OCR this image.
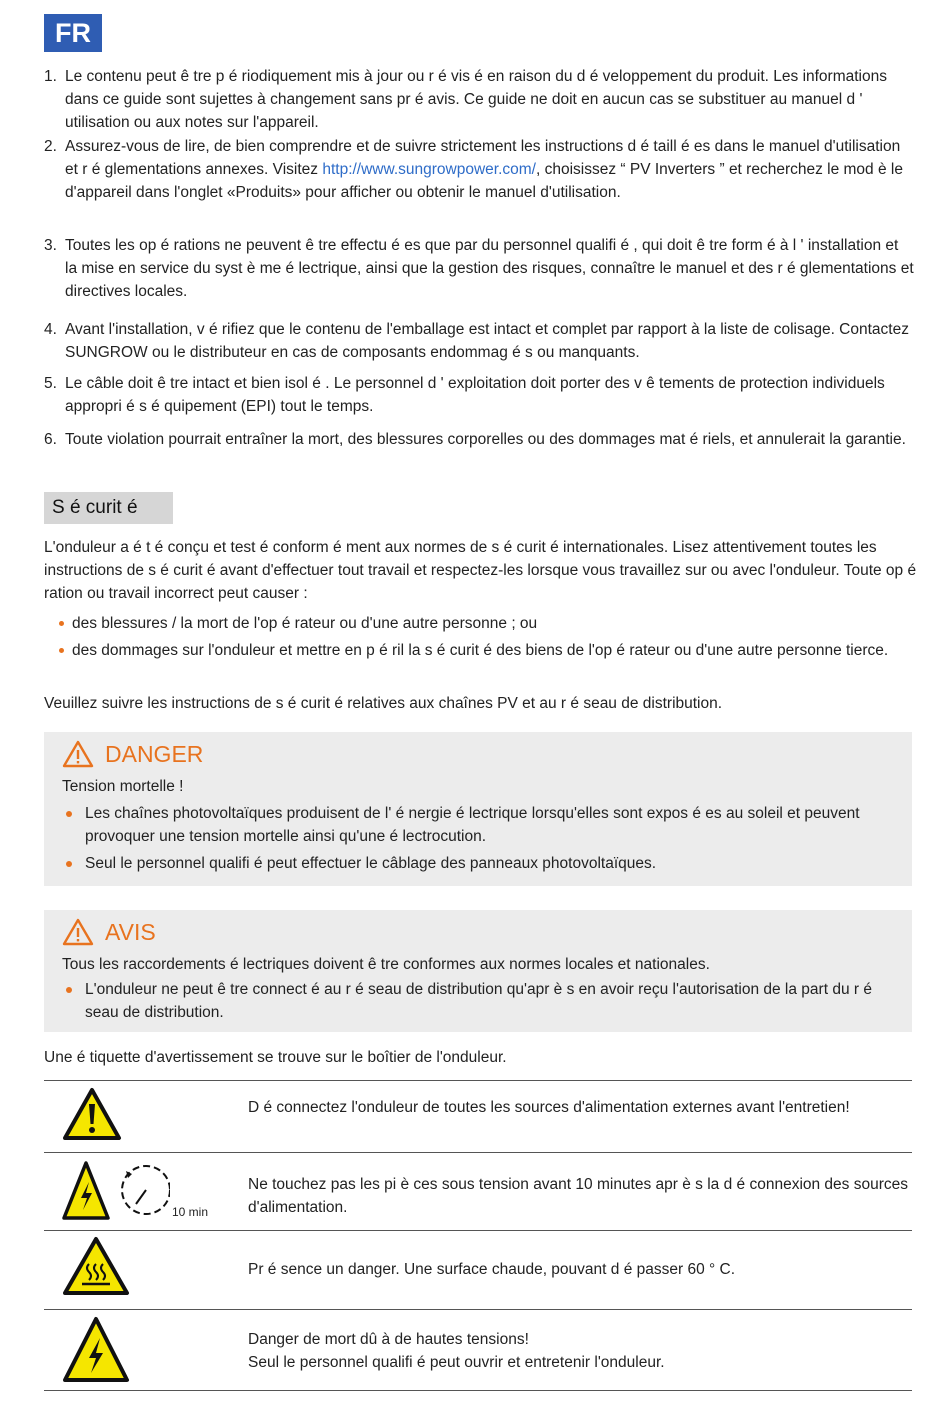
FR
1. Le contenu peut ê tre p é riodiquement mis à jour ou r é vis é en raison du d é veloppement du produit. Les informations dans ce guide sont sujettes à changement sans pr é avis. Ce guide ne doit en aucun cas se substituer au manuel d ' utilisation ou aux notes sur l'appareil.
2. Assurez-vous de lire, de bien comprendre et de suivre strictement les instructions d é taill é es dans le manuel d'utilisation et r é glementations annexes. Visitez http://www.sungrowpower.com/, choisissez “ PV Inverters ” et recherchez le mod è le d'appareil dans l'onglet «Produits» pour afficher ou obtenir le manuel d'utilisation.
3. Toutes les op é rations ne peuvent ê tre effectu é es que par du personnel qualifi é , qui doit ê tre form é à l ' installation et la mise en service du syst è me é lectrique, ainsi que la gestion des risques, connaître le manuel et des r é glementations et directives locales.
4. Avant l'installation, v é rifiez que le contenu de l'emballage est intact et complet par rapport à la liste de colisage. Contactez SUNGROW ou le distributeur en cas de composants endommag é s ou manquants.
5. Le câble doit ê tre intact et bien isol é . Le personnel d ' exploitation doit porter des v ê tements de protection individuels appropri é s é quipement (EPI) tout le temps.
6. Toute violation pourrait entraîner la mort, des blessures corporelles ou des dommages mat é riels, et annulerait la garantie.
S é curit é
L'onduleur a é t é conçu et test é conform é ment aux normes de s é curit é internationales. Lisez attentivement toutes les instructions de s é curit é avant d'effectuer tout travail et respectez-les lorsque vous travaillez sur ou avec l'onduleur. Toute op é ration ou travail incorrect peut causer :
des blessures / la mort de l'op é rateur ou d'une autre personne ; ou
des dommages sur l'onduleur et mettre en p é ril la s é curit é des biens de l'op é rateur ou d'une autre personne tierce.
Veuillez suivre les instructions de s é curit é relatives aux chaînes PV et au r é seau de distribution.
DANGER
Tension mortelle !
Les chaînes photovoltaïques produisent de l' é nergie é lectrique lorsqu'elles sont expos é es au soleil et peuvent provoquer une tension mortelle ainsi qu'une é lectrocution.
Seul le personnel qualifi é peut effectuer le câblage des panneaux photovoltaïques.
AVIS
Tous les raccordements é lectriques doivent ê tre conformes aux normes locales et nationales.
L'onduleur ne peut ê tre connect é au r é seau de distribution qu'apr è s en avoir reçu l'autorisation de la part du r é seau de distribution.
Une é tiquette d'avertissement se trouve sur le boîtier de l'onduleur.
D é connectez l'onduleur de toutes les sources d'alimentation externes avant l'entretien!
10 min
Ne touchez pas les pi è ces sous tension avant 10 minutes apr è s la d é connexion des sources d'alimentation.
Pr é sence un danger. Une surface chaude, pouvant d é passer 60 ° C.
Danger de mort dû à de hautes tensions!
Seul le personnel qualifi é peut ouvrir et entretenir l'onduleur.
